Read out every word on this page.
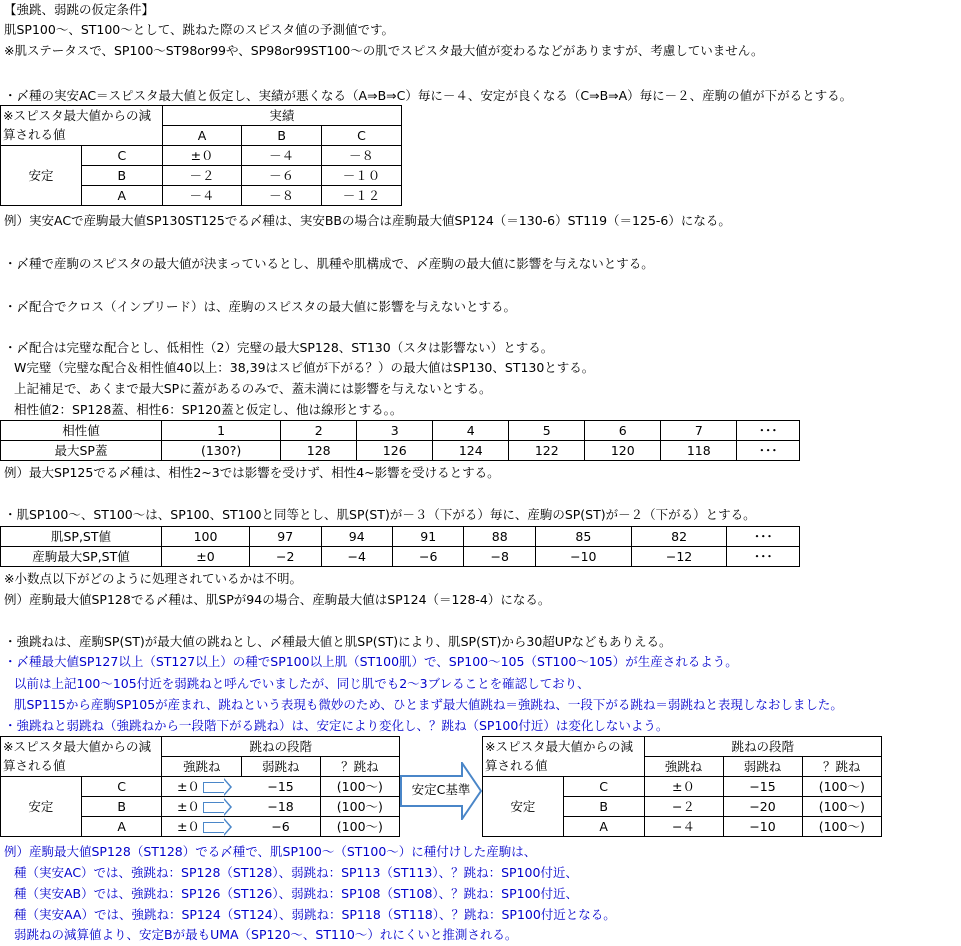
【強跳、弱跳の仮定条件】
肌SP100～、ST100～として、跳ねた際のスピスタ値の予測値です。
※肌ステータスで、SP100～ST98or99や、SP98or99ST100～の肌でスピスタ最大値が変わるなどがありますが、考慮していません。
・〆種の実安AC＝スピスタ最大値と仮定し、実績が悪くなる（A⇒B⇒C）毎に－４、安定が良くなる（C⇒B⇒A）毎に－２、産駒の値が下がるとする。
※スピスタ最大値からの減		実績		
算される値		A	B	C
安定	C	±０	－４	－８
	B	－２	－６	－１０
	A	－４	－８	－１２
例）実安ACで産駒最大値SP130ST125でる〆種は、実安BBの場合は産駒最大値SP124（＝130-6）ST119（＝125-6）になる。
・〆種で産駒のスピスタの最大値が決まっているとし、肌種や肌構成で、〆産駒の最大値に影響を与えないとする。
・〆配合でクロス（インブリード）は、産駒のスピスタの最大値に影響を与えないとする。
・〆配合は完璧な配合とし、低相性（2）完璧の最大SP128、ST130（スタは影響ない）とする。
W完璧（完璧な配合＆相性値40以上：38,39はスピ値が下がる？）の最大値はSP130、ST130とする。
上記補足で、あくまで最大SPに蓋があるのみで、蓋未満には影響を与えないとする。
相性値2：SP128蓋、相性6：SP120蓋と仮定し、他は線形とする。。
相性値	1	2	3	4	5	6	7	･･･
最大SP蓋	(130?)	128	126	124	122	120	118	･･･
例）最大SP125でる〆種は、相性2~3では影響を受けず、相性4~影響を受けるとする。
・肌SP100～、ST100～は、SP100、ST100と同等とし、肌SP(ST)が－３（下がる）毎に、産駒のSP(ST)が－２（下がる）とする。
肌SP,ST値	100	97	94	91	88	85	82	･･･
産駒最大SP,ST値	±0	−2	−4	−6	−8	−10	−12	･･･
※小数点以下がどのように処理されているかは不明。
例）産駒最大値SP128でる〆種は、肌SPが94の場合、産駒最大値はSP124（＝128-4）になる。
・強跳ねは、産駒SP(ST)が最大値の跳ねとし、〆種最大値と肌SP(ST)により、肌SP(ST)から30超UPなどもありえる。
・〆種最大値SP127以上（ST127以上）の種でSP100以上肌（ST100肌）で、SP100～105（ST100～105）が生産されるよう。
以前は上記100～105付近を弱跳ねと呼んでいましたが、同じ肌でも2～3ブレることを確認しており、
肌SP115から産駒SP105が産まれ、跳ねという表現も微妙のため、ひとまず最大値跳ね＝強跳ね、一段下がる跳ね＝弱跳ねと表現しなおしました。
・強跳ねと弱跳ね（強跳ねから一段階下がる跳ね）は、安定により変化し、？跳ね（SP100付近）は変化しないよう。
※スピスタ最大値からの減		跳ねの段階		
算される値		強跳ね	弱跳ね	？跳ね
安定	C	±０	−15	(100～)
	B	±０	−18	(100～)
	A	±０	−6	(100～)
安定C基準
※スピスタ最大値からの減		跳ねの段階		
算される値		強跳ね	弱跳ね	？跳ね
安定	C	±０	−15	(100～)
	B	−２	−20	(100～)
	A	−４	−10	(100～)
例）産駒最大値SP128（ST128）でる〆種で、肌SP100～（ST100～）に種付けした産駒は、
種（実安AC）では、強跳ね：SP128（ST128）、弱跳ね：SP113（ST113）、？跳ね：SP100付近、
種（実安AB）では、強跳ね：SP126（ST126）、弱跳ね：SP108（ST108）、？跳ね：SP100付近、
種（実安AA）では、強跳ね：SP124（ST124）、弱跳ね：SP118（ST118）、？跳ね：SP100付近となる。
弱跳ねの減算値より、安定Bが最もUMA（SP120～、ST110～）れにくいと推測される。
